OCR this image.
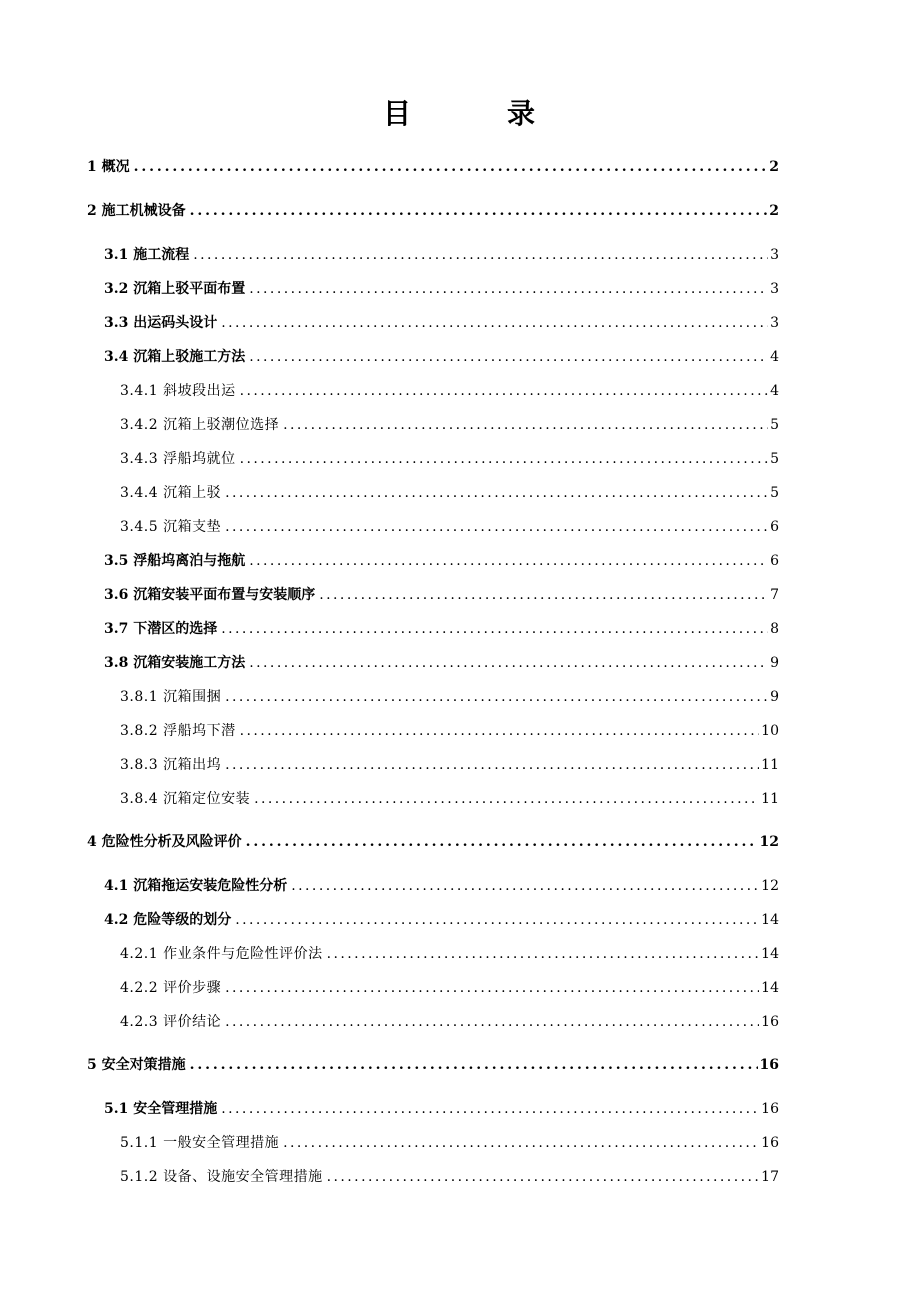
目        录
1 概况 . . .	2
2 施工机械设备 . . .	2
3.1 施工流程 . . .	3
3.2 沉箱上驳平面布置 . . .	3
3.3 出运码头设计 . . .	3
3.4 沉箱上驳施工方法 . . .	4
3.4.1 斜坡段出运 . . .	4
3.4.2 沉箱上驳潮位选择 . . .	5
3.4.3 浮船坞就位 . . .	5
3.4.4 沉箱上驳 . . .	5
3.4.5 沉箱支垫 . . .	6
3.5 浮船坞离泊与拖航 . . .	6
3.6 沉箱安装平面布置与安装顺序 . . .	7
3.7 下潜区的选择 . . .	8
3.8 沉箱安装施工方法 . . .	9
3.8.1 沉箱围捆 . . .	9
3.8.2 浮船坞下潜 . . .	10
3.8.3 沉箱出坞 . . .	11
3.8.4 沉箱定位安装 . . .	11
4 危险性分析及风险评价 . . .	12
4.1 沉箱拖运安装危险性分析 . . .	12
4.2 危险等级的划分 . . .	14
4.2.1 作业条件与危险性评价法 . . .	14
4.2.2 评价步骤 . . .	14
4.2.3 评价结论 . . .	16
5 安全对策措施 . . .	16
5.1 安全管理措施 . . .	16
5.1.1 一般安全管理措施 . . .	16
5.1.2 设备、设施安全管理措施 . . .	17
